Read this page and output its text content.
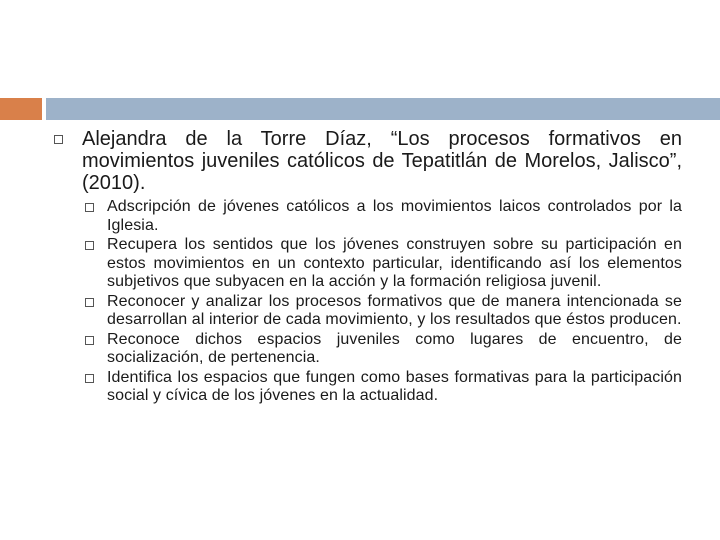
Alejandra de la Torre Díaz, “Los procesos formativos en movimientos juveniles católicos de Tepatitlán de Morelos, Jalisco”, (2010).
Adscripción de jóvenes católicos a los movimientos laicos controlados por la Iglesia.
Recupera los sentidos que los jóvenes construyen sobre su participación en estos movimientos en un contexto particular, identificando así los elementos subjetivos que subyacen en la acción y la formación religiosa juvenil.
Reconocer y analizar los procesos formativos que de manera intencionada se desarrollan al interior de cada movimiento, y los resultados que éstos producen.
Reconoce dichos espacios juveniles como lugares de encuentro, de socialización, de pertenencia.
Identifica los espacios que fungen como bases formativas para la participación social y cívica de los jóvenes en la actualidad.
